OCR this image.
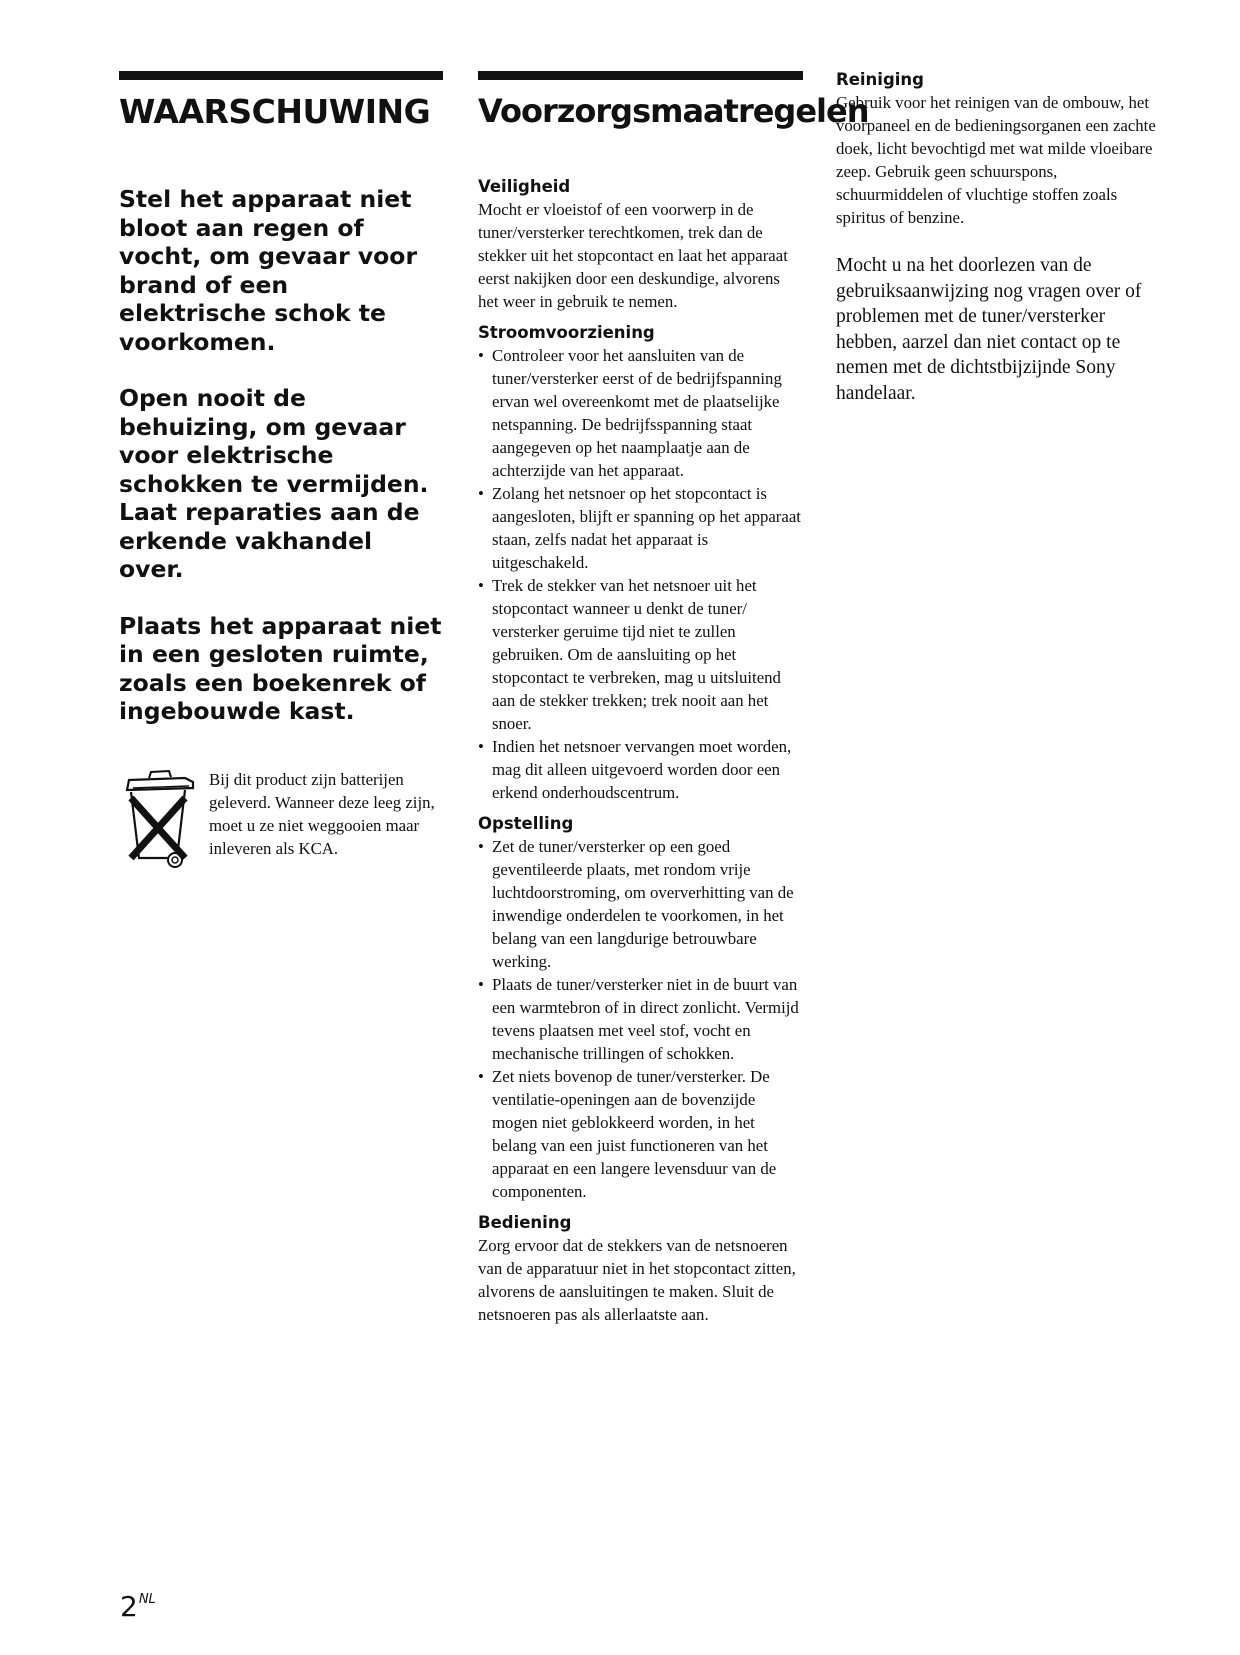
WAARSCHUWING

Stel het apparaat niet bloot aan regen of vocht, om gevaar voor brand of een elektrische schok te voorkomen.

Open nooit de behuizing, om gevaar voor elektrische schokken te vermijden. Laat reparaties aan de erkende vakhandel over.

Plaats het apparaat niet in een gesloten ruimte, zoals een boekenrek of ingebouwde kast.

Bij dit product zijn batterijen geleverd. Wanneer deze leeg zijn, moet u ze niet weggooien maar inleveren als KCA.

Voorzorgsmaatregelen
Veiligheid

Mocht er vloeistof of een voorwerp in de tuner/versterker terechtkomen, trek dan de stekker uit het stopcontact en laat het apparaat eerst nakijken door een deskundige, alvorens het weer in gebruik te nemen.

Stroomvoorziening
• Controleer voor het aansluiten van de tuner/versterker eerst of de bedrijfspanning ervan wel overeenkomt met de plaatselijke netspanning. De bedrijfsspanning staat aangegeven op het naamplaatje aan de achterzijde van het apparaat.
• Zolang het netsnoer op het stopcontact is aangesloten, blijft er spanning op het apparaat staan, zelfs nadat het apparaat is uitgeschakeld.
• Trek de stekker van het netsnoer uit het stopcontact wanneer u denkt de tuner/ versterker geruime tijd niet te zullen gebruiken. Om de aansluiting op het stopcontact te verbreken, mag u uitsluitend aan de stekker trekken; trek nooit aan het snoer.
• Indien het netsnoer vervangen moet worden, mag dit alleen uitgevoerd worden door een erkend onderhoudscentrum.
Opstelling
• Zet de tuner/versterker op een goed geventileerde plaats, met rondom vrije luchtdoorstroming, om oververhitting van de inwendige onderdelen te voorkomen, in het belang van een langdurige betrouwbare werking.
• Plaats de tuner/versterker niet in de buurt van een warmtebron of in direct zonlicht. Vermijd tevens plaatsen met veel stof, vocht en mechanische trillingen of schokken.
• Zet niets bovenop de tuner/versterker. De ventilatie-openingen aan de bovenzijde mogen niet geblokkeerd worden, in het belang van een juist functioneren van het apparaat en een langere levensduur van de componenten.
Bediening

Zorg ervoor dat de stekkers van de netsnoeren van de apparatuur niet in het stopcontact zitten, alvorens de aansluitingen te maken. Sluit de netsnoeren pas als allerlaatste aan.

Reiniging

Gebruik voor het reinigen van de ombouw, het voorpaneel en de bedieningsorganen een zachte doek, licht bevochtigd met wat milde vloeibare zeep. Gebruik geen schuurspons, schuurmiddelen of vluchtige stoffen zoals spiritus of benzine.

Mocht u na het doorlezen van de gebruiksaanwijzing nog vragen over of problemen met de tuner/versterker hebben, aarzel dan niet contact op te nemen met de dichtstbijzijnde Sony handelaar.

$2^{NL}$
